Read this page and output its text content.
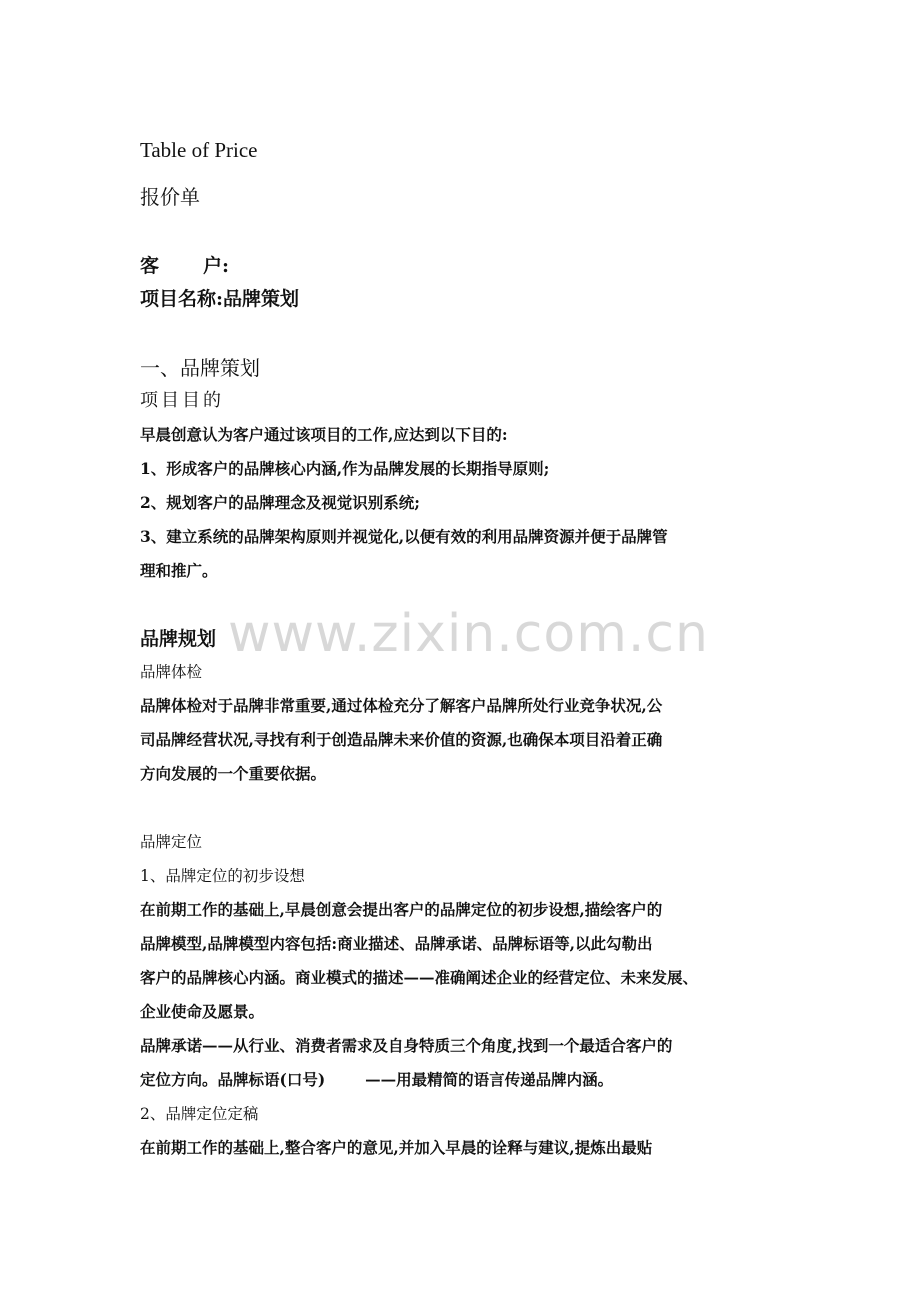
Table of Price
报价单
客 户:
项目名称:品牌策划
一、品牌策划
项目目的
早晨创意认为客户通过该项目的工作,应达到以下目的:
1、形成客户的品牌核心内涵,作为品牌发展的长期指导原则;
2、规划客户的品牌理念及视觉识别系统;
3、建立系统的品牌架构原则并视觉化,以便有效的利用品牌资源并便于品牌管
理和推广。
品牌规划
品牌体检
品牌体检对于品牌非常重要,通过体检充分了解客户品牌所处行业竞争状况,公
司品牌经营状况,寻找有利于创造品牌未来价值的资源,也确保本项目沿着正确
方向发展的一个重要依据。
品牌定位
1、品牌定位的初步设想
在前期工作的基础上,早晨创意会提出客户的品牌定位的初步设想,描绘客户的
品牌模型,品牌模型内容包括:商业描述、品牌承诺、品牌标语等,以此勾勒出
客户的品牌核心内涵。商业模式的描述——准确阐述企业的经营定位、未来发展、
企业使命及愿景。
品牌承诺——从行业、消费者需求及自身特质三个角度,找到一个最适合客户的
定位方向。品牌标语(口号)	——用最精简的语言传递品牌内涵。
2、品牌定位定稿
在前期工作的基础上,整合客户的意见,并加入早晨的诠释与建议,提炼出最贴
www.zixin.com.cn
